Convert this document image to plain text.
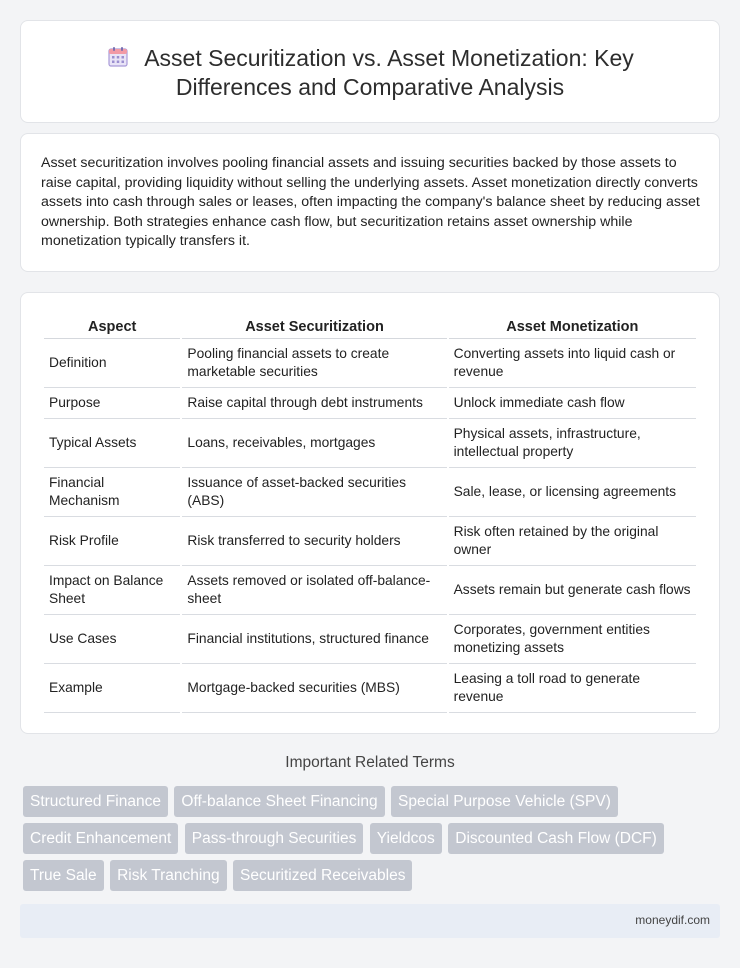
Asset Securitization vs. Asset Monetization: Key
Differences and Comparative Analysis

Asset securitization involves pooling financial assets and issuing securities backed by those assets to raise capital, providing liquidity without selling the underlying assets. Asset monetization directly converts assets into cash through sales or leases, often impacting the company's balance sheet by reducing asset ownership. Both strategies enhance cash flow, but securitization retains asset ownership while monetization typically transfers it.

Aspect	Asset Securitization	Asset Monetization
Definition	Pooling financial assets to create marketable securities	Converting assets into liquid cash or revenue
Purpose	Raise capital through debt instruments	Unlock immediate cash flow
Typical Assets	Loans, receivables, mortgages	Physical assets, infrastructure, intellectual property
Financial Mechanism	Issuance of asset-backed securities (ABS)	Sale, lease, or licensing agreements
Risk Profile	Risk transferred to security holders	Risk often retained by the original owner
Impact on Balance Sheet	Assets removed or isolated off-balance-sheet	Assets remain but generate cash flows
Use Cases	Financial institutions, structured finance	Corporates, government entities monetizing assets
Example	Mortgage-backed securities (MBS)	Leasing a toll road to generate revenue
Important Related Terms
Structured Finance Off-balance Sheet Financing Special Purpose Vehicle (SPV) Credit Enhancement Pass-through Securities Yieldcos Discounted Cash Flow (DCF) True Sale Risk Tranching Securitized Receivables
moneydif.com
